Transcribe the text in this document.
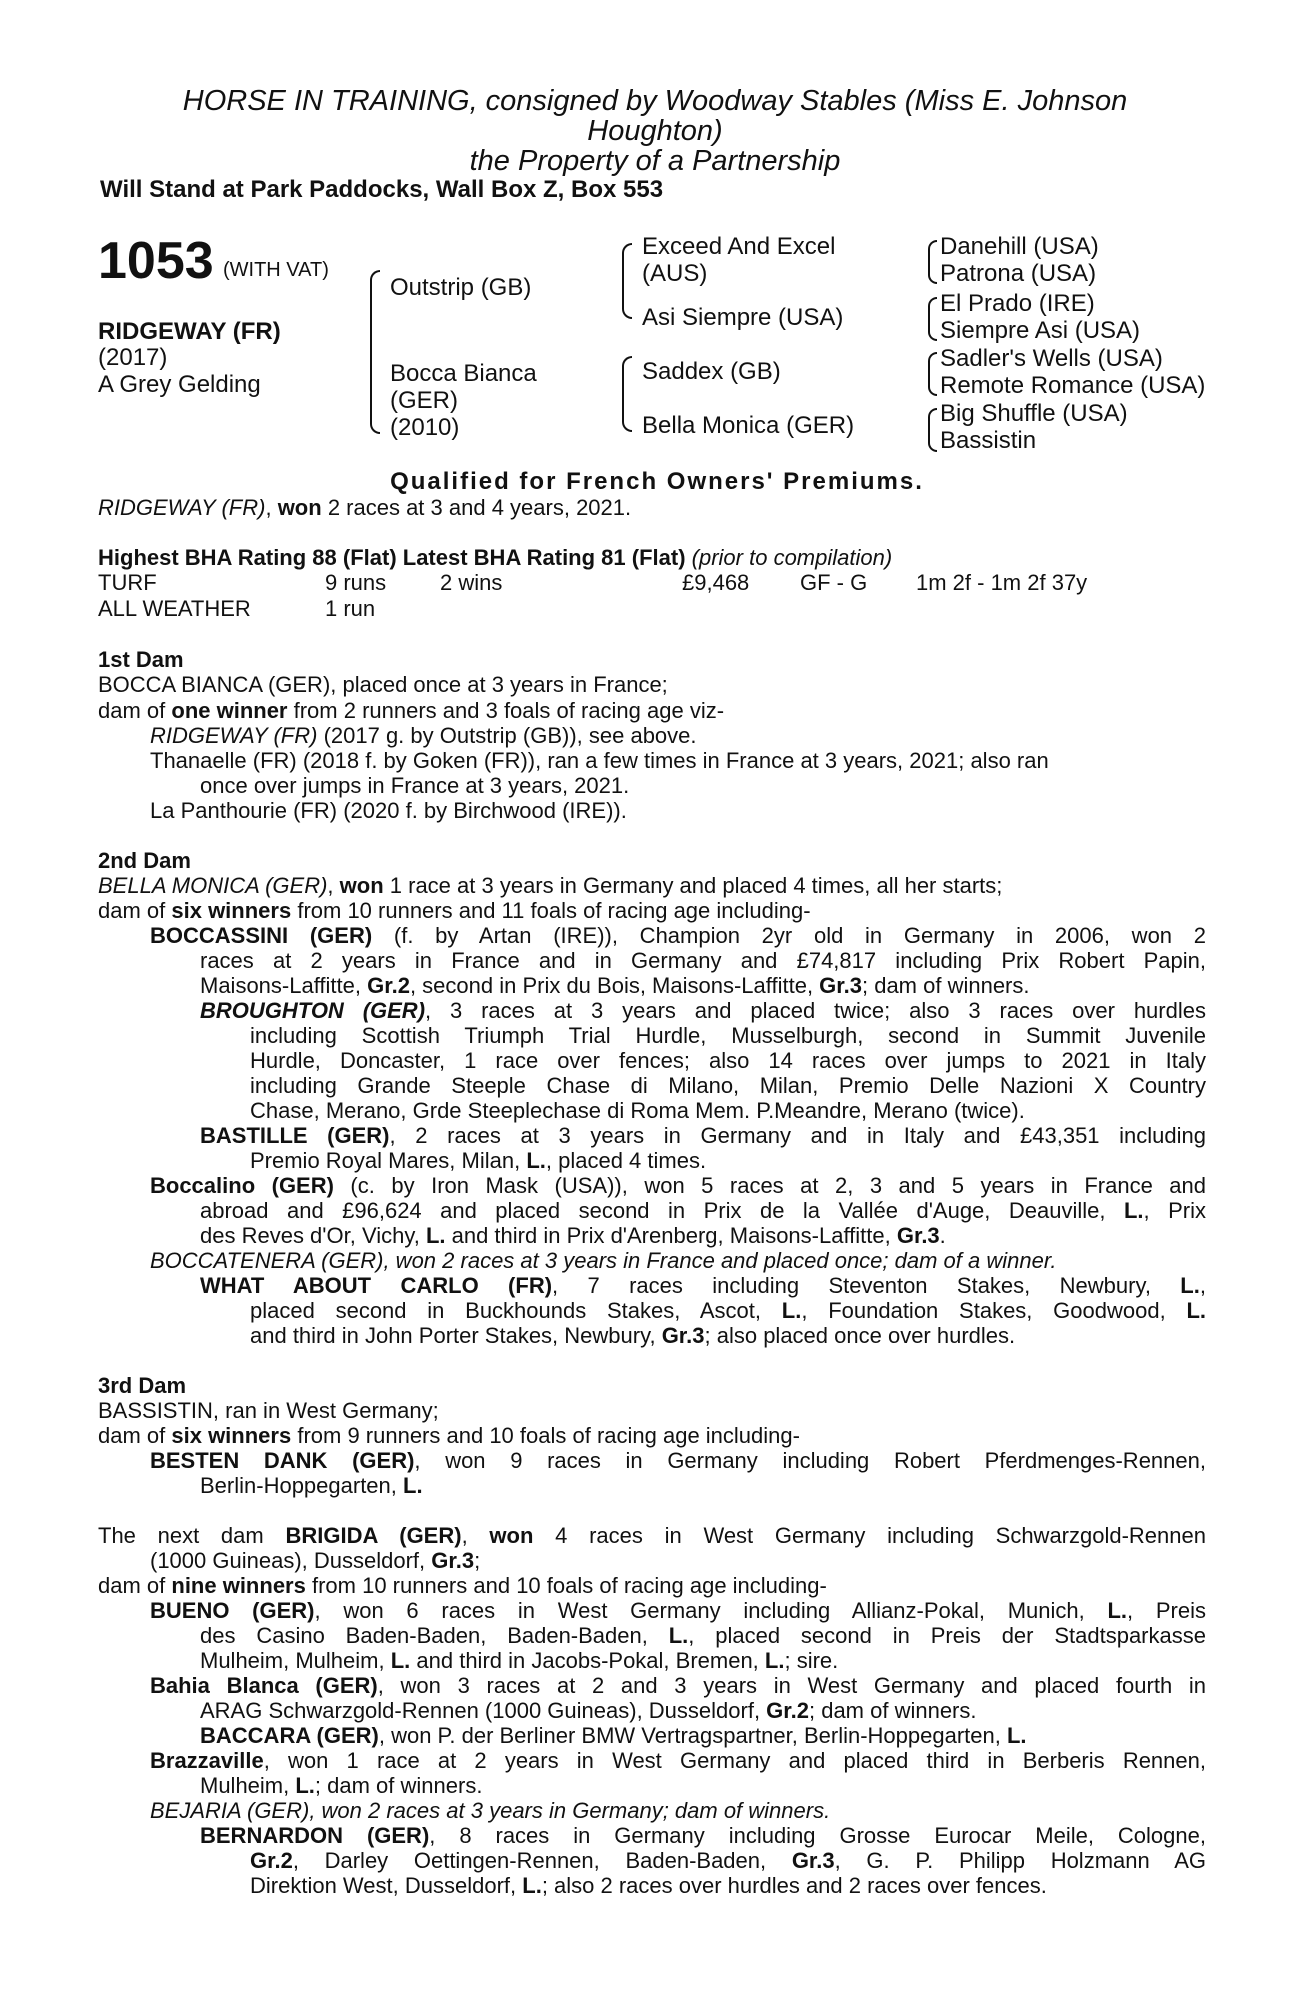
HORSE IN TRAINING, consigned by Woodway Stables (Miss E. Johnson
Houghton)
the Property of a Partnership
Will Stand at Park Paddocks, Wall Box Z, Box 553
1053 (WITH VAT)
RIDGEWAY (FR)
(2017)
A Grey Gelding
Outstrip (GB)
Bocca Bianca
(GER)
(2010)
Exceed And Excel
(AUS)
Asi Siempre (USA)
Saddex (GB)
Bella Monica (GER)
Danehill (USA)
Patrona (USA)
El Prado (IRE)
Siempre Asi (USA)
Sadler's Wells (USA)
Remote Romance (USA)
Big Shuffle (USA)
Bassistin
Qualified for French Owners' Premiums.
RIDGEWAY (FR), won 2 races at 3 and 4 years, 2021.
Highest BHA Rating 88 (Flat) Latest BHA Rating 81 (Flat) (prior to compilation)
TURF	9 runs 2 wins	£9,468 GF - G 1m 2f - 1m 2f 37y
ALL WEATHER	1 run
1st Dam
BOCCA BIANCA (GER), placed once at 3 years in France;
dam of one winner from 2 runners and 3 foals of racing age viz-
RIDGEWAY (FR) (2017 g. by Outstrip (GB)), see above.
Thanaelle (FR) (2018 f. by Goken (FR)), ran a few times in France at 3 years, 2021; also ran
once over jumps in France at 3 years, 2021.
La Panthourie (FR) (2020 f. by Birchwood (IRE)).
2nd Dam
BELLA MONICA (GER), won 1 race at 3 years in Germany and placed 4 times, all her starts;
dam of six winners from 10 runners and 11 foals of racing age including-
BOCCASSINI (GER) (f. by Artan (IRE)), Champion 2yr old in Germany in 2006, won 2
races at 2 years in France and in Germany and £74,817 including Prix Robert Papin,
Maisons-Laffitte, Gr.2, second in Prix du Bois, Maisons-Laffitte, Gr.3; dam of winners.
BROUGHTON (GER), 3 races at 3 years and placed twice; also 3 races over hurdles
including Scottish Triumph Trial Hurdle, Musselburgh, second in Summit Juvenile
Hurdle, Doncaster, 1 race over fences; also 14 races over jumps to 2021 in Italy
including Grande Steeple Chase di Milano, Milan, Premio Delle Nazioni X Country
Chase, Merano, Grde Steeplechase di Roma Mem. P.Meandre, Merano (twice).
BASTILLE (GER), 2 races at 3 years in Germany and in Italy and £43,351 including
Premio Royal Mares, Milan, L., placed 4 times.
Boccalino (GER) (c. by Iron Mask (USA)), won 5 races at 2, 3 and 5 years in France and
abroad and £96,624 and placed second in Prix de la Vallée d'Auge, Deauville, L., Prix
des Reves d'Or, Vichy, L. and third in Prix d'Arenberg, Maisons-Laffitte, Gr.3.
BOCCATENERA (GER), won 2 races at 3 years in France and placed once; dam of a winner.
WHAT ABOUT CARLO (FR), 7 races including Steventon Stakes, Newbury, L.,
placed second in Buckhounds Stakes, Ascot, L., Foundation Stakes, Goodwood, L.
and third in John Porter Stakes, Newbury, Gr.3; also placed once over hurdles.
3rd Dam
BASSISTIN, ran in West Germany;
dam of six winners from 9 runners and 10 foals of racing age including-
BESTEN DANK (GER), won 9 races in Germany including Robert Pferdmenges-Rennen,
Berlin-Hoppegarten, L.
The next dam BRIGIDA (GER), won 4 races in West Germany including Schwarzgold-Rennen
(1000 Guineas), Dusseldorf, Gr.3;
dam of nine winners from 10 runners and 10 foals of racing age including-
BUENO (GER), won 6 races in West Germany including Allianz-Pokal, Munich, L., Preis
des Casino Baden-Baden, Baden-Baden, L., placed second in Preis der Stadtsparkasse
Mulheim, Mulheim, L. and third in Jacobs-Pokal, Bremen, L.; sire.
Bahia Blanca (GER), won 3 races at 2 and 3 years in West Germany and placed fourth in
ARAG Schwarzgold-Rennen (1000 Guineas), Dusseldorf, Gr.2; dam of winners.
BACCARA (GER), won P. der Berliner BMW Vertragspartner, Berlin-Hoppegarten, L.
Brazzaville, won 1 race at 2 years in West Germany and placed third in Berberis Rennen,
Mulheim, L.; dam of winners.
BEJARIA (GER), won 2 races at 3 years in Germany; dam of winners.
BERNARDON (GER), 8 races in Germany including Grosse Eurocar Meile, Cologne,
Gr.2, Darley Oettingen-Rennen, Baden-Baden, Gr.3, G. P. Philipp Holzmann AG
Direktion West, Dusseldorf, L.; also 2 races over hurdles and 2 races over fences.
